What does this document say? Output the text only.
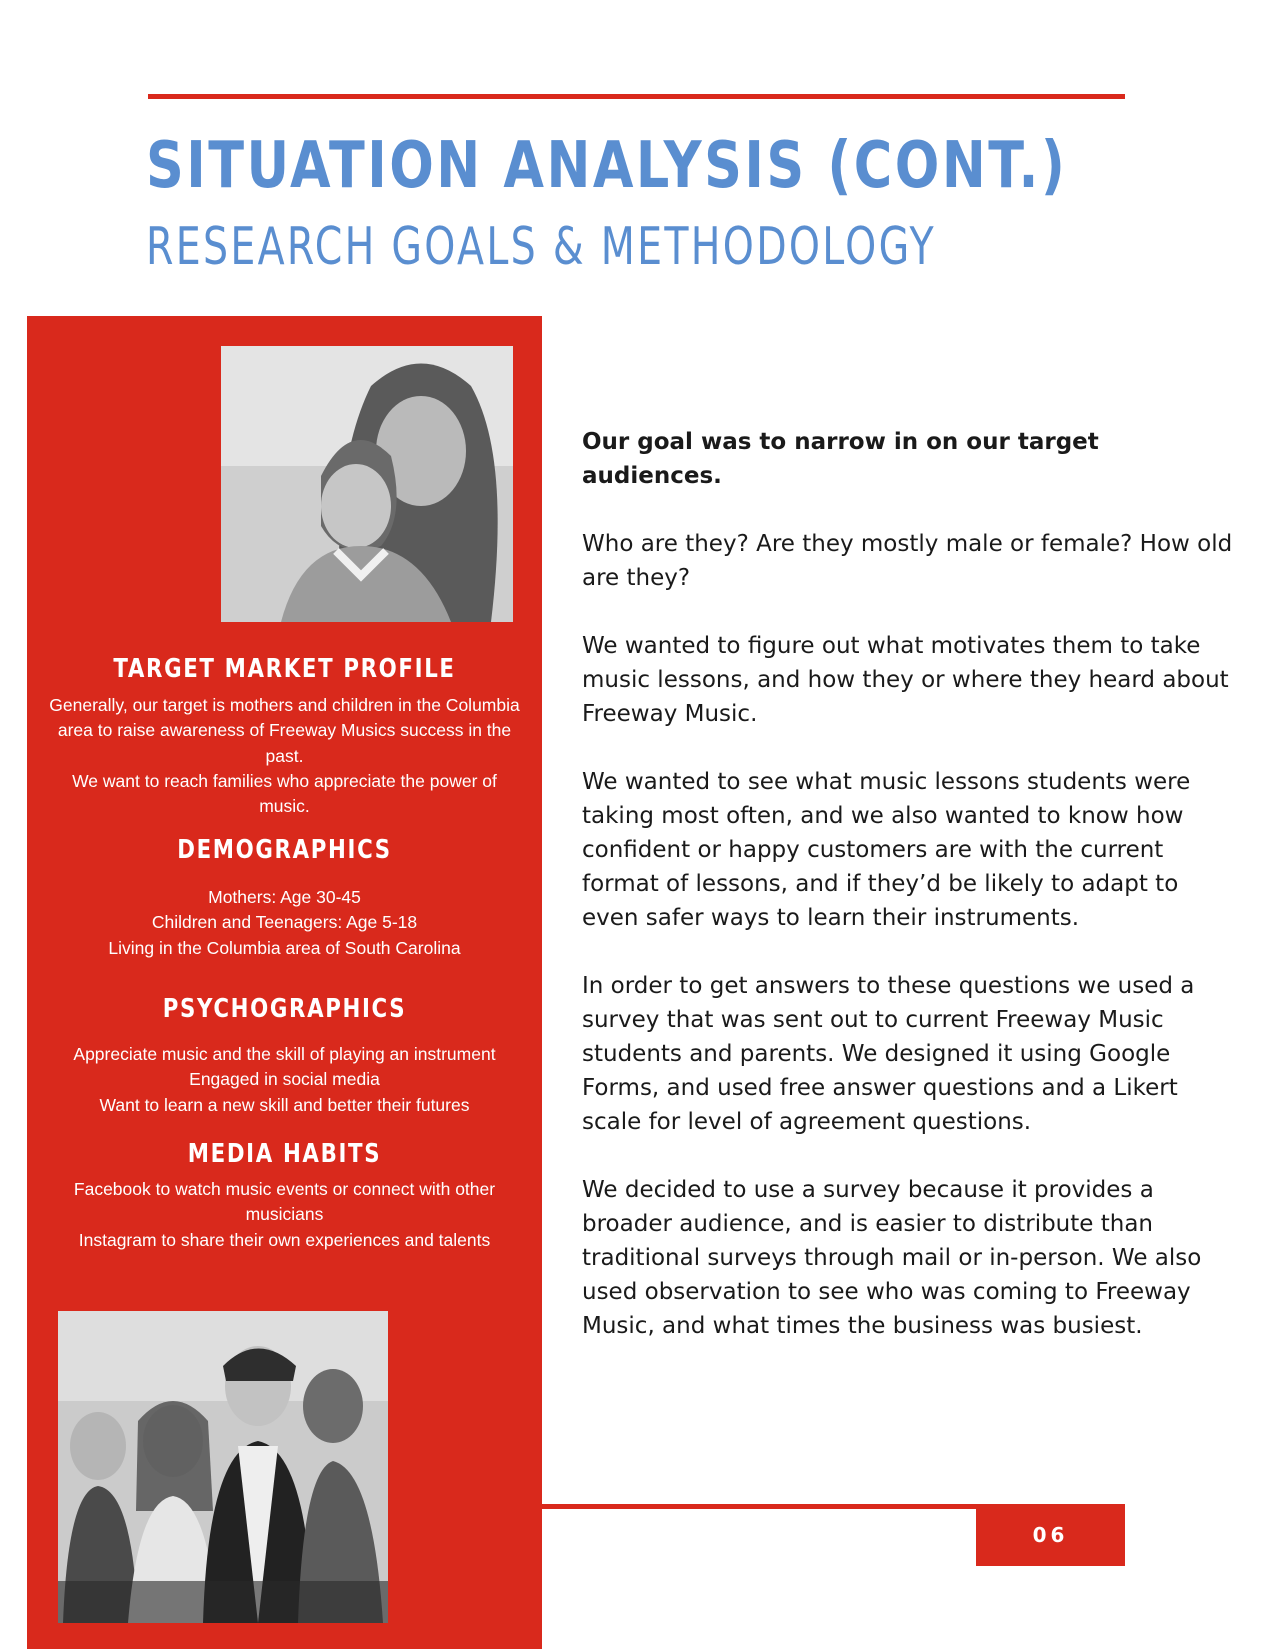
SITUATION ANALYSIS (CONT.)
RESEARCH GOALS & METHODOLOGY
TARGET MARKET PROFILE
Generally, our target is mothers and children in the Columbia area to raise awareness of Freeway Musics success in the past.
We want to reach families who appreciate the power of music.
DEMOGRAPHICS
Mothers: Age 30-45
Children and Teenagers: Age 5-18
Living in the Columbia area of South Carolina
PSYCHOGRAPHICS
Appreciate music and the skill of playing an instrument
Engaged in social media
Want to learn a new skill and better their futures
MEDIA HABITS
Facebook to watch music events or connect with other musicians
Instagram to share their own experiences and talents

Our goal was to narrow in on our target audiences.

Who are they? Are they mostly male or female? How old are they?

We wanted to figure out what motivates them to take music lessons, and how they or where they heard about Freeway Music.

We wanted to see what music lessons students were taking most often, and we also wanted to know how confident or happy customers are with the current format of lessons, and if they’d be likely to adapt to even safer ways to learn their instruments.

In order to get answers to these questions we used a survey that was sent out to current Freeway Music students and parents. We designed it using Google Forms, and used free answer questions and a Likert scale for level of agreement questions.

We decided to use a survey because it provides a broader audience, and is easier to distribute than traditional surveys through mail or in-person. We also used observation to see who was coming to Freeway Music, and what times the business was busiest.

06
